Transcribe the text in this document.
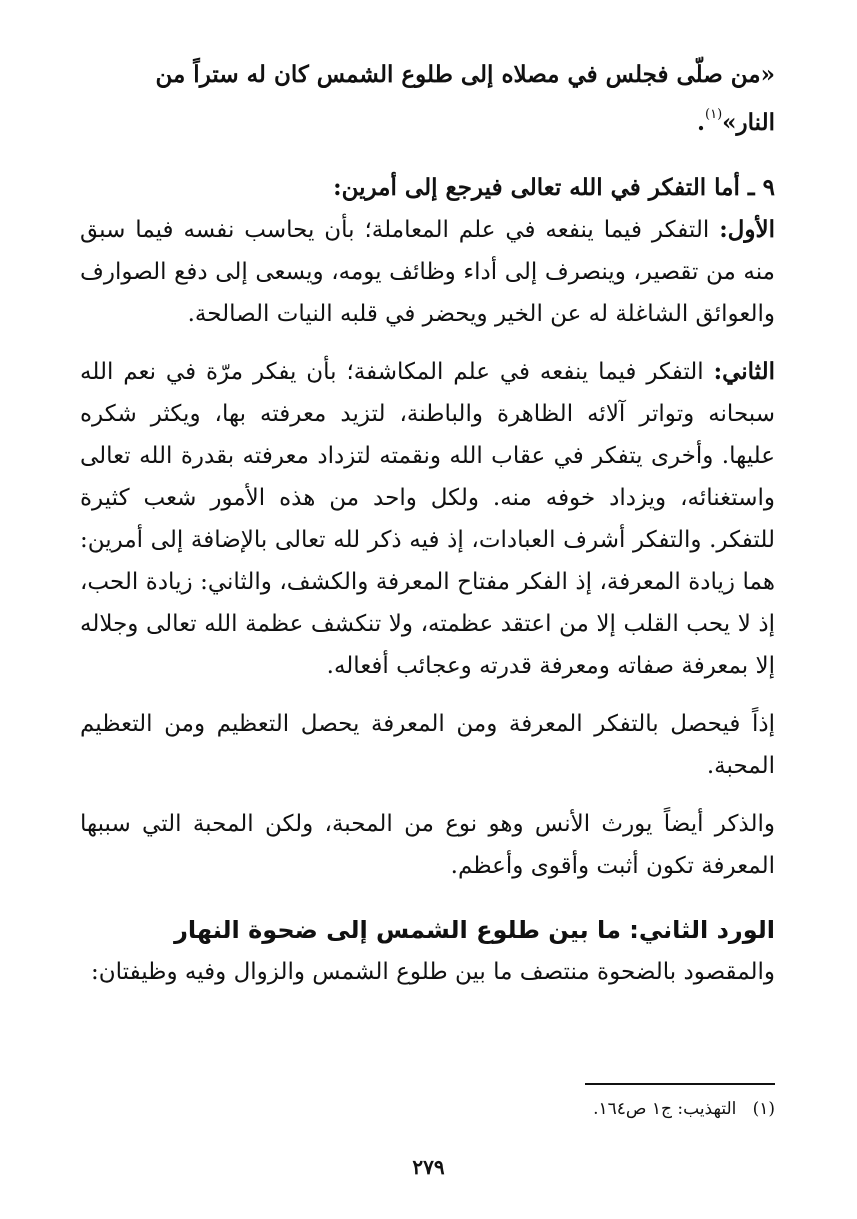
«من صلّى فجلس في مصلاه إلى طلوع الشمس كان له ستراً من النار»$^{(١)}$.

٩ ـ أما التفكر في الله تعالى فيرجع إلى أمرين:

الأول: التفكر فيما ينفعه في علم المعاملة؛ بأن يحاسب نفسه فيما سبق منه من تقصير، وينصرف إلى أداء وظائف يومه، ويسعى إلى دفع الصوارف والعوائق الشاغلة له عن الخير ويحضر في قلبه النيات الصالحة.

الثاني: التفكر فيما ينفعه في علم المكاشفة؛ بأن يفكر مرّة في نعم الله سبحانه وتواتر آلائه الظاهرة والباطنة، لتزيد معرفته بها، ويكثر شكره عليها. وأخرى يتفكر في عقاب الله ونقمته لتزداد معرفته بقدرة الله تعالى واستغنائه، ويزداد خوفه منه. ولكل واحد من هذه الأمور شعب كثيرة للتفكر. والتفكر أشرف العبادات، إذ فيه ذكر لله تعالى بالإضافة إلى أمرين: هما زيادة المعرفة، إذ الفكر مفتاح المعرفة والكشف، والثاني: زيادة الحب، إذ لا يحب القلب إلا من اعتقد عظمته، ولا تنكشف عظمة الله تعالى وجلاله إلا بمعرفة صفاته ومعرفة قدرته وعجائب أفعاله.

إذاً فيحصل بالتفكر المعرفة ومن المعرفة يحصل التعظيم ومن التعظيم المحبة.

والذكر أيضاً يورث الأنس وهو نوع من المحبة، ولكن المحبة التي سببها المعرفة تكون أثبت وأقوى وأعظم.

الورد الثاني: ما بين طلوع الشمس إلى ضحوة النهار

والمقصود بالضحوة منتصف ما بين طلوع الشمس والزوال وفيه وظيفتان:

(١)   التهذيب: ج١ ص١٦٤.
٢٧٩
